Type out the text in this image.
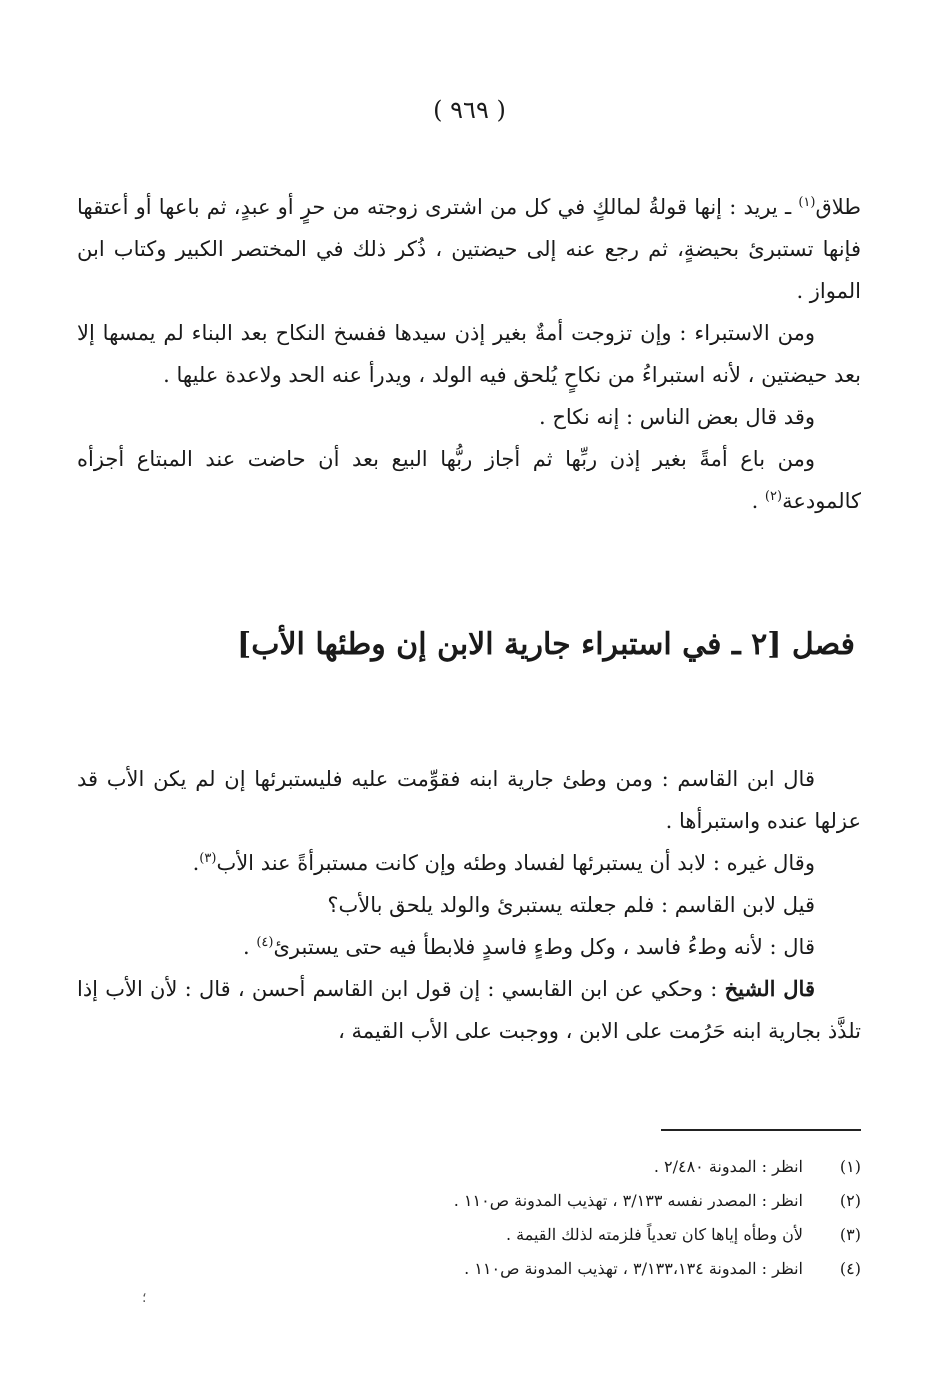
( ٩٦٩ )

طلاق$^{(١)}$ ـ يريد : إنها قولةُ لمالكٍ في كل من اشترى زوجته من حرٍ أو عبدٍ، ثم باعها أو أعتقها فإنها تستبرئ بحيضةٍ، ثم رجع عنه إلى حيضتين ، ذُكر ذلك في المختصر الكبير وكتاب ابن المواز .

ومن الاستبراء : وإن تزوجت أمةٌ بغير إذن سيدها ففسخ النكاح بعد البناء لم يمسها إلا بعد حيضتين ، لأنه استبراءُ من نكاحٍ يُلحق فيه الولد ، ويدرأ عنه الحد ولاعدة عليها .

وقد قال بعض الناس : إنه نكاح .

ومن باع أمةً بغير إذن ربِّها ثم أجاز ربُّها البيع بعد أن حاضت عند المبتاع أجزأه كالمودعة$^{(٢)}$ .

فصل [٢ ـ في استبراء جارية الابن إن وطئها الأب]

قال ابن القاسم : ومن وطئ جارية ابنه فقوِّمت عليه فليستبرئها إن لم يكن الأب قد عزلها عنده واستبرأها .

وقال غيره : لابد أن يستبرئها لفساد وطئه وإن كانت مستبرأةً عند الأب$^{(٣)}$.

قيل لابن القاسم : فلم جعلته يستبرئ والولد يلحق بالأب؟

قال : لأنه وطءُ فاسد ، وكل وطءٍ فاسدٍ فلابطأ فيه حتى يستبرئ$^{(٤)}$ .

قال الشيخ : وحكي عن ابن القابسي : إن قول ابن القاسم أحسن ، قال : لأن الأب إذا تلذَّذ بجارية ابنه حَرُمت على الابن ، ووجبت على الأب القيمة ،

(١)
انظر : المدونة ٢/٤٨٠ .
(٢)
انظر : المصدر نفسه ٣/١٣٣ ، تهذيب المدونة ص١١٠ .
(٣)
لأن وطأه إياها كان تعدياً فلزمته لذلك القيمة .
(٤)
انظر : المدونة ٣/١٣٣،١٣٤ ، تهذيب المدونة ص١١٠ .
؛
